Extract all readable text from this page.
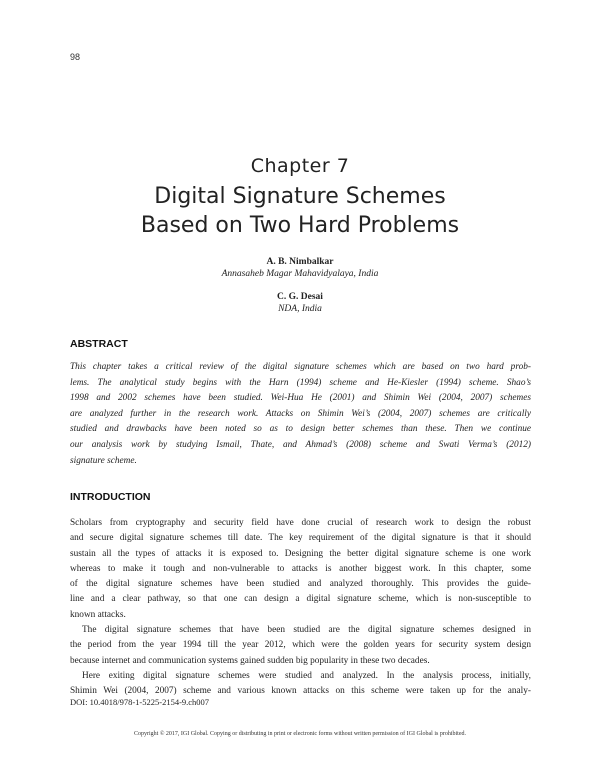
98
Chapter 7
Digital Signature Schemes
Based on Two Hard Problems
A. B. Nimbalkar
Annasaheb Magar Mahavidyalaya, India
C. G. Desai
NDA, India
ABSTRACT
This chapter takes a critical review of the digital signature schemes which are based on two hard prob-
lems. The analytical study begins with the Harn (1994) scheme and He-Kiesler (1994) scheme. Shao’s
1998 and 2002 schemes have been studied. Wei-Hua He (2001) and Shimin Wei (2004, 2007) schemes
are analyzed further in the research work. Attacks on Shimin Wei’s (2004, 2007) schemes are critically
studied and drawbacks have been noted so as to design better schemes than these. Then we continue
our analysis work by studying Ismail, Thate, and Ahmad’s (2008) scheme and Swati Verma’s (2012)
signature scheme.
INTRODUCTION
Scholars from cryptography and security field have done crucial of research work to design the robust
and secure digital signature schemes till date. The key requirement of the digital signature is that it should
sustain all the types of attacks it is exposed to. Designing the better digital signature scheme is one work
whereas to make it tough and non-vulnerable to attacks is another biggest work. In this chapter, some
of the digital signature schemes have been studied and analyzed thoroughly. This provides the guide-
line and a clear pathway, so that one can design a digital signature scheme, which is non-susceptible to
known attacks.
The digital signature schemes that have been studied are the digital signature schemes designed in
the period from the year 1994 till the year 2012, which were the golden years for security system design
because internet and communication systems gained sudden big popularity in these two decades.
Here exiting digital signature schemes were studied and analyzed. In the analysis process, initially,
Shimin Wei (2004, 2007) scheme and various known attacks on this scheme were taken up for the analy-
DOI: 10.4018/978-1-5225-2154-9.ch007
Copyright © 2017, IGI Global. Copying or distributing in print or electronic forms without written permission of IGI Global is prohibited.
